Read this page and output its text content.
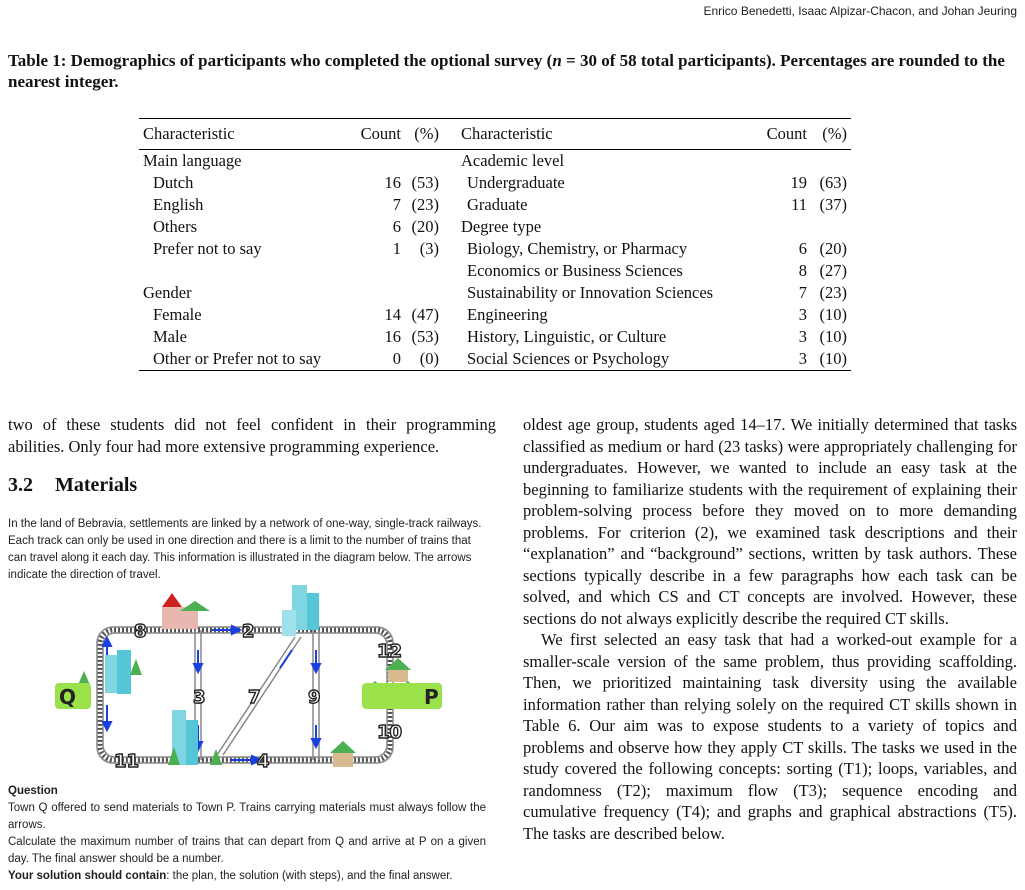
Enrico Benedetti, Isaac Alpizar-Chacon, and Johan Jeuring
Table 1: Demographics of participants who completed the optional survey (n = 30 of 58 total participants). Percentages are rounded to the nearest integer.
Characteristic	Count	(%)	Characteristic	Count	(%)
Main language			Academic level		
Dutch	16	(53)	Undergraduate	19	(63)
English	7	(23)	Graduate	11	(37)
Others	6	(20)	Degree type		
Prefer not to say	1	(3)	Biology, Chemistry, or Pharmacy	6	(20)
			Economics or Business Sciences	8	(27)
Gender			Sustainability or Innovation Sciences	7	(23)
Female	14	(47)	Engineering	3	(10)
Male	16	(53)	History, Linguistic, or Culture	3	(10)
Other or Prefer not to say	0	(0)	Social Sciences or Psychology	3	(10)
two of these students did not feel confident in their programming abilities. Only four had more extensive programming experience.
3.2 Materials
In the land of Bebravia, settlements are linked by a network of one-way, single-track railways. Each track can only be used in one direction and there is a limit to the number of trains that can travel along it each day. This information is illustrated in the diagram below. The arrows indicate the direction of travel.
Q	P
8	2
12
3 7	9
10
11	4
Question
Town Q offered to send materials to Town P. Trains carrying materials must always follow the arrows.
Calculate the maximum number of trains that can depart from Q and arrive at P on a given day. The final answer should be a number.
Your solution should contain: the plan, the solution (with steps), and the final answer.

oldest age group, students aged 14–17. We initially determined that tasks classified as medium or hard (23 tasks) were appropriately challenging for undergraduates. However, we wanted to include an easy task at the beginning to familiarize students with the requirement of explaining their problem-solving process before they moved on to more demanding problems. For criterion (2), we examined task descriptions and their “explanation” and “background” sections, written by task authors. These sections typically describe in a few paragraphs how each task can be solved, and which CS and CT concepts are involved. However, these sections do not always explicitly describe the required CT skills.

We first selected an easy task that had a worked-out example for a smaller-scale version of the same problem, thus providing scaffolding. Then, we prioritized maintaining task diversity using the available information rather than relying solely on the required CT skills shown in Table 6. Our aim was to expose students to a variety of topics and problems and observe how they apply CT skills. The tasks we used in the study covered the following concepts: sorting (T1); loops, variables, and randomness (T2); maximum flow (T3); sequence encoding and cumulative frequency (T4); and graphs and graphical abstractions (T5). The tasks are described below.
